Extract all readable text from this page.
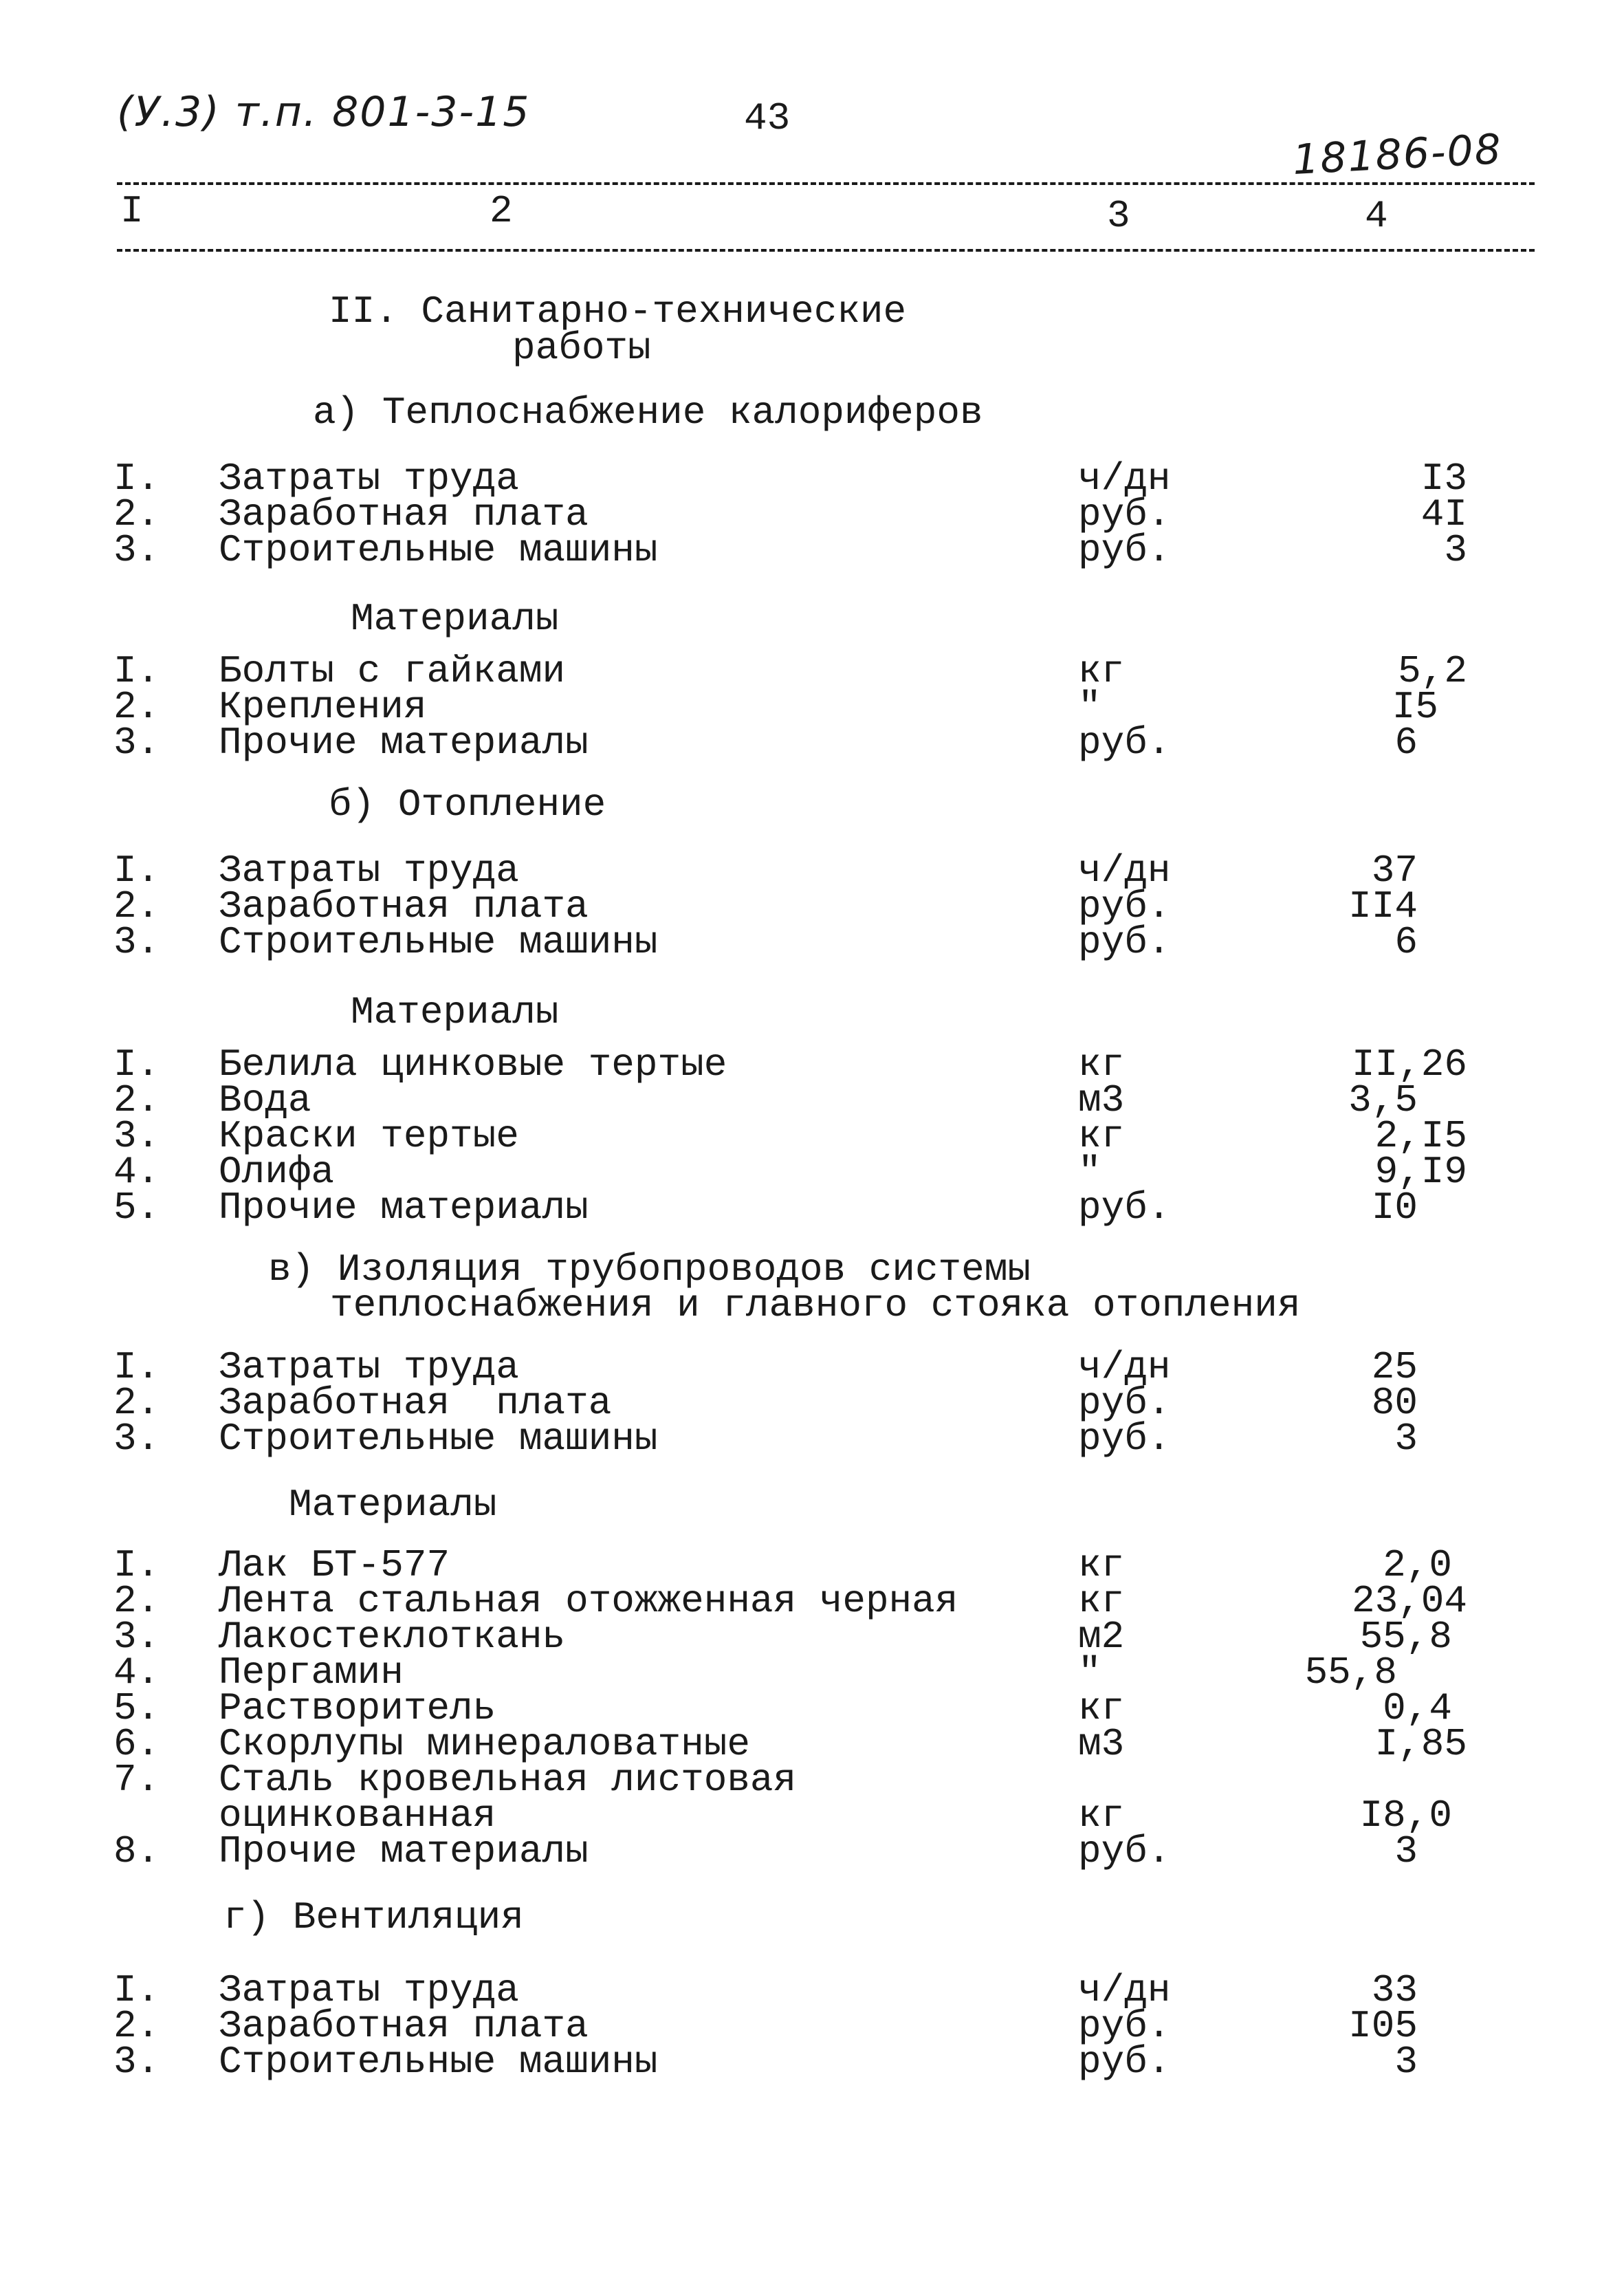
(У.3) т.п. 801-3-15	43
18186-08
I	2	3	4
II. Санитарно-технические
работы
а) Теплоснабжение калориферов
I. Затраты труда	ч/дн	I3
2. Заработная плата	руб.	4I
3. Строительные машины	руб.	3
Материалы
I. Болты с гайками	кг	5,2
2. Крепления	"	I5
3. Прочие материалы	руб.	6
б) Отопление
I. Затраты труда	ч/дн	37
2. Заработная плата	руб.	II4
3. Строительные машины	руб.	6
Материалы
I. Белила цинковые тертые	кг	II,26
2. Вода	м3	3,5
3. Краски тертые	кг	2,I5
4. Олифа	"	9,I9
5. Прочие материалы	руб.	I0
в) Изоляция трубопроводов системы
теплоснабжения и главного стояка отопления
I. Затраты труда	ч/дн	25
2. Заработная  плата	руб.	80
3. Строительные машины	руб.	3
Материалы
I. Лак БТ-577	кг	2,0
2. Лента стальная отожженная черная	кг	23,04
3. Лакостеклоткань	м2	55,8
4. Пергамин	"	55,8
5. Растворитель	кг	0,4
6. Скорлупы минераловатные	м3	I,85
7. Сталь кровельная листовая
оцинкованная	кг	I8,0
8. Прочие материалы	руб.	3
г) Вентиляция
I. Затраты труда	ч/дн	33
2. Заработная плата	руб.	I05
3. Строительные машины	руб.	3
